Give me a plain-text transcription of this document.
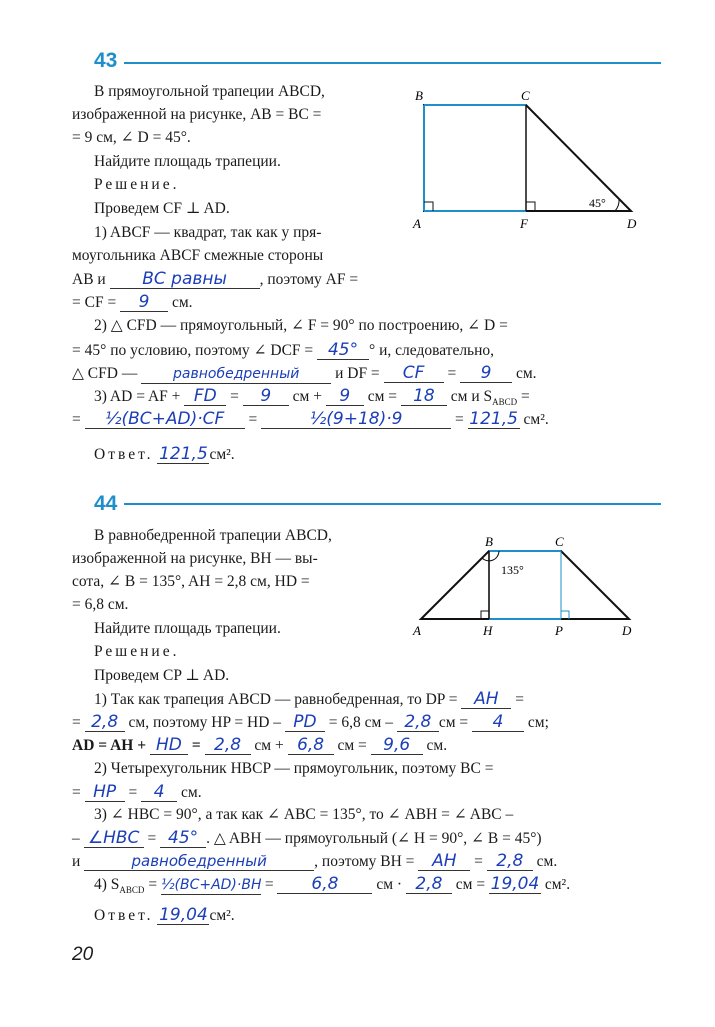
43
В прямоугольной трапеции ABCD,
изображенной на рисунке, AB = BC =
= 9 см, ∠ D = 45°.
Найдите площадь трапеции.
Решение.
Проведем CF ⊥ AD.
1) ABCF — квадрат, так как у пря-
моугольника ABCF смежные стороны
AB и BC равны , поэтому AF =
= CF = 9 см.
2) △ CFD — прямоугольный, ∠ F = 90° по построению, ∠ D =
= 45° по условию, поэтому ∠ DCF = 45° ° и, следовательно,
△ CFD —	равнобедренный и DF = CF = 9 см.
3) AD = AF + FD = 9 см + 9 см = 18 см и $S_{ABCD}$ =
= ½(BC+AD)·CF =	½(9+18)·9	= 121,5 см².
Ответ. 121,5 см².
B	C
A	F	D
45°
44
В равнобедренной трапеции ABCD,
изображенной на рисунке, BH — вы-
сота, ∠ B = 135°, AH = 2,8 см, HD =
= 6,8 см.
Найдите площадь трапеции.
Решение.
Проведем CP ⊥ AD.
1) Так как трапеция ABCD — равнобедренная, то DP = AH =
= 2,8 см, поэтому HP = HD – PD = 6,8 см – 2,8 см = 4 см;
AD = AH + HD = 2,8 см + 6,8 см = 9,6 см.
2) Четырехугольник HBCP — прямоугольник, поэтому BC =
= HP = 4 см.
3) ∠ HBC = 90°, а так как ∠ ABC = 135°, то ∠ ABH = ∠ ABC –
– ∠HBC = 45° . △ ABH — прямоугольный (∠ H = 90°, ∠ B = 45°)
и	равнобедренный	, поэтому BH = AH = 2,8 см.
4) $S_{ABCD}$ = ½(BC+AD)·BH = 6,8 см · 2,8 см = 19,04 см².
Ответ. 19,04 см².
B	C
A	H	P	D
135°
20
